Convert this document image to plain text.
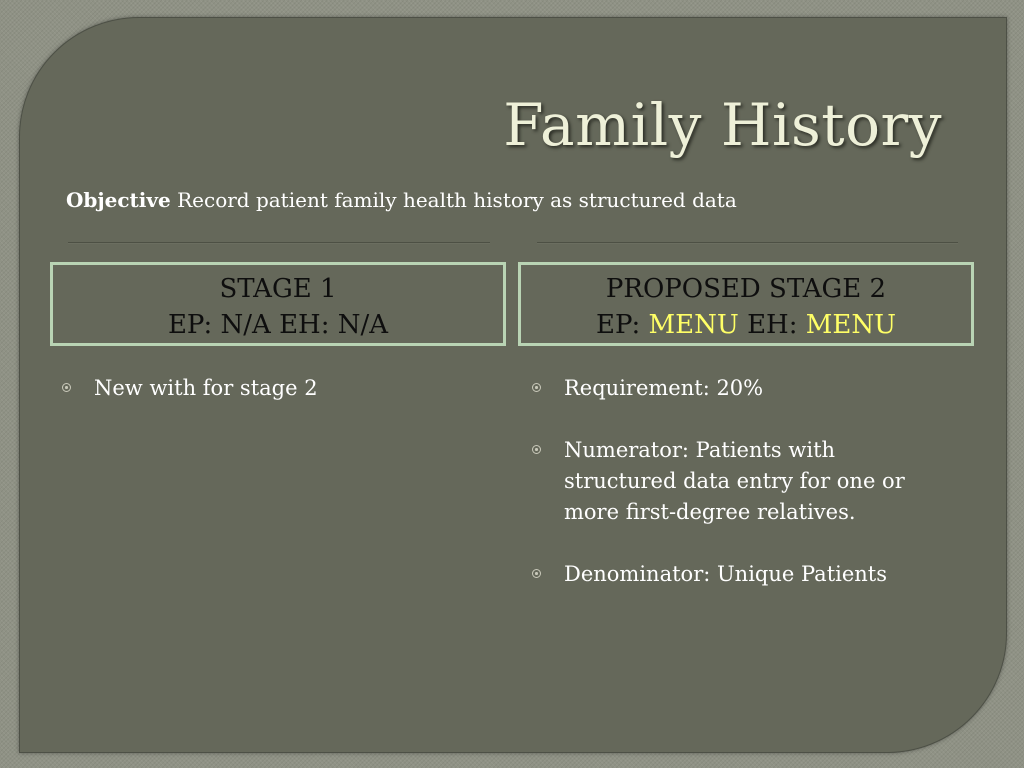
Family History
Objective Record patient family health history as structured data
STAGE 1
EP: N/A EH: N/A
PROPOSED STAGE 2
EP: MENU EH: MENU
New with for stage 2	Requirement: 20%
Numerator: Patients with structured data entry for one or more first-degree relatives.
Denominator: Unique Patients
